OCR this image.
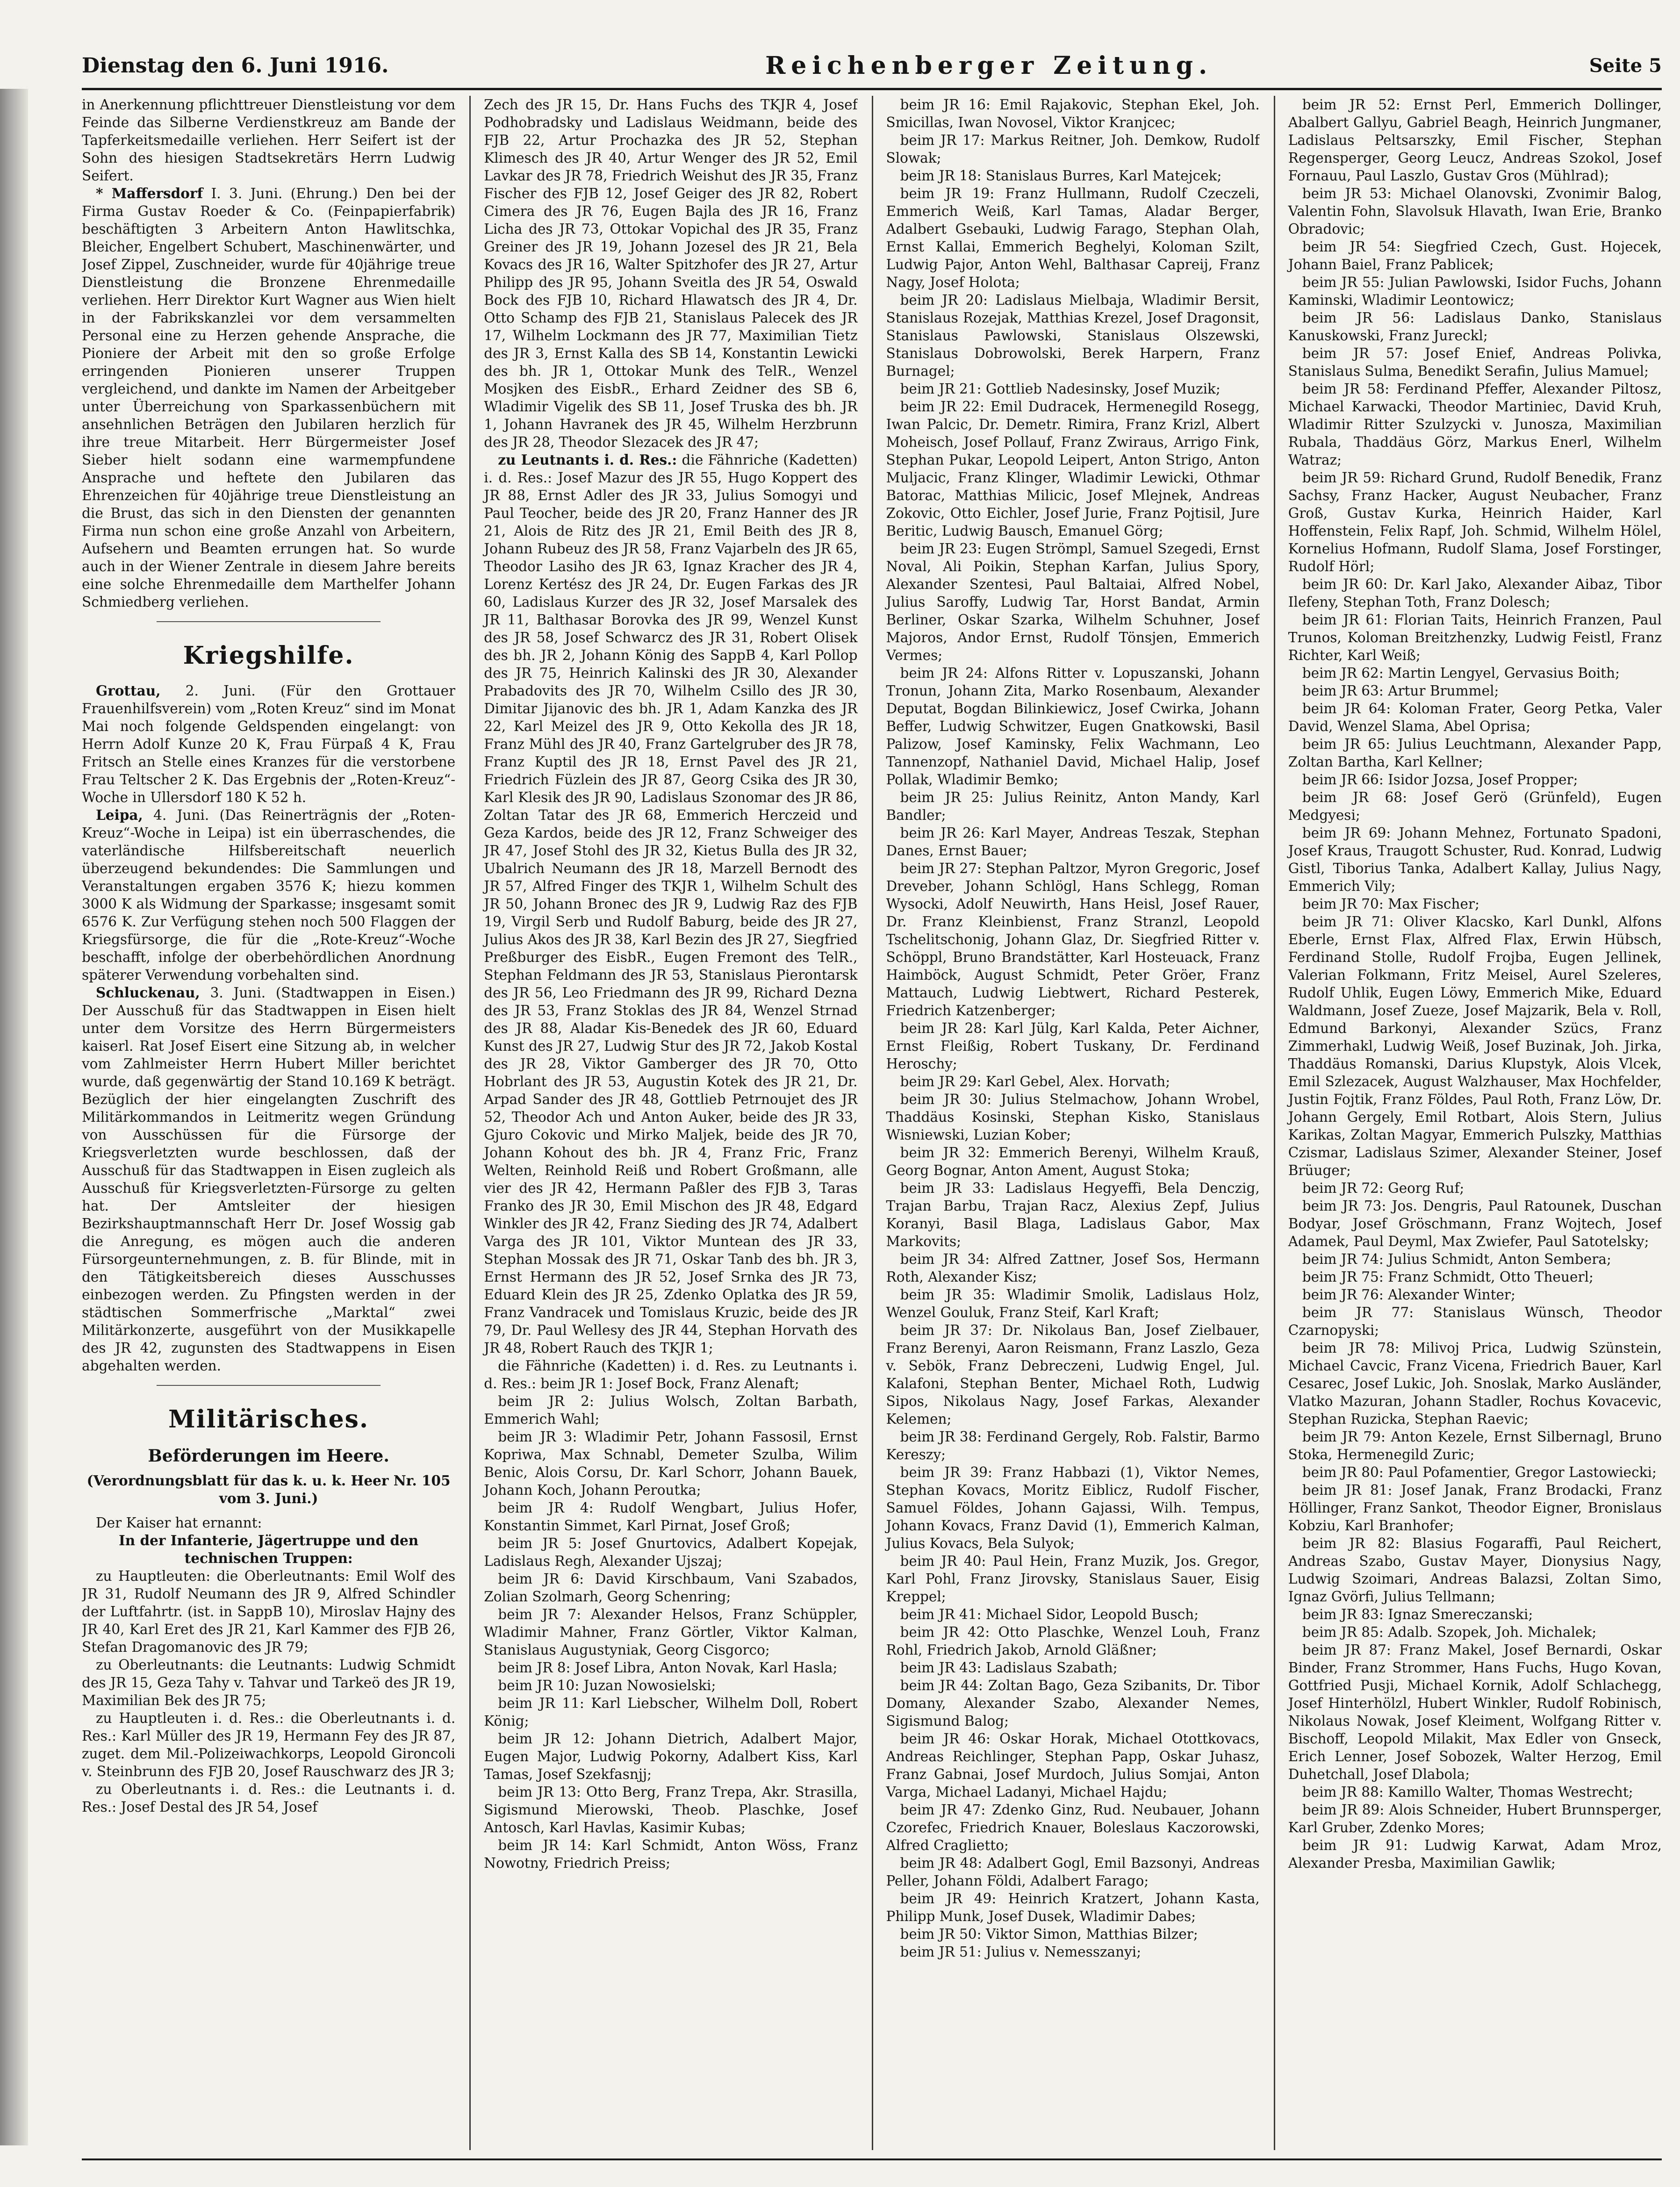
Dienstag den 6. Juni 1916.	Reichenberger Zeitung.	Seite 5

in Anerkennung pflichttreuer Dienstleistung vor dem Feinde das Silberne Verdienstkreuz am Bande der Tapferkeitsmedaille verliehen. Herr Seifert ist der Sohn des hiesigen Stadtsekretärs Herrn Ludwig Seifert.

* Maffersdorf I. 3. Juni. (Ehrung.) Den bei der Firma Gustav Roeder & Co. (Feinpapierfabrik) beschäftigten 3 Arbeitern Anton Hawlitschka, Bleicher, Engelbert Schubert, Maschinenwärter, und Josef Zippel, Zuschneider, wurde für 40jährige treue Dienstleistung die Bronzene Ehrenmedaille verliehen. Herr Direktor Kurt Wagner aus Wien hielt in der Fabrikskanzlei vor dem versammelten Personal eine zu Herzen gehende Ansprache, die Pioniere der Arbeit mit den so große Erfolge erringenden Pionieren unserer Truppen vergleichend, und dankte im Namen der Arbeitgeber unter Überreichung von Sparkassenbüchern mit ansehnlichen Beträgen den Jubilaren herzlich für ihre treue Mitarbeit. Herr Bürgermeister Josef Sieber hielt sodann eine warmempfundene Ansprache und heftete den Jubilaren das Ehrenzeichen für 40jährige treue Dienstleistung an die Brust, das sich in den Diensten der genannten Firma nun schon eine große Anzahl von Arbeitern, Aufsehern und Beamten errungen hat. So wurde auch in der Wiener Zentrale in diesem Jahre bereits eine solche Ehrenmedaille dem Marthelfer Johann Schmiedberg verliehen.

Kriegshilfe.

Grottau, 2. Juni. (Für den Grottauer Frauenhilfsverein) vom „Roten Kreuz“ sind im Monat Mai noch folgende Geldspenden eingelangt: von Herrn Adolf Kunze 20 K, Frau Fürpaß 4 K, Frau Fritsch an Stelle eines Kranzes für die verstorbene Frau Teltscher 2 K. Das Ergebnis der „Roten-Kreuz“-Woche in Ullersdorf 180 K 52 h.

Leipa, 4. Juni. (Das Reinerträgnis der „Roten-Kreuz“-Woche in Leipa) ist ein überraschendes, die vaterländische Hilfsbereitschaft neuerlich überzeugend bekundendes: Die Sammlungen und Veranstaltungen ergaben 3576 K; hiezu kommen 3000 K als Widmung der Sparkasse; insgesamt somit 6576 K. Zur Verfügung stehen noch 500 Flaggen der Kriegsfürsorge, die für die „Rote-Kreuz“-Woche beschafft, infolge der oberbehördlichen Anordnung späterer Verwendung vorbehalten sind.

Schluckenau, 3. Juni. (Stadtwappen in Eisen.) Der Ausschuß für das Stadtwappen in Eisen hielt unter dem Vorsitze des Herrn Bürgermeisters kaiserl. Rat Josef Eisert eine Sitzung ab, in welcher vom Zahlmeister Herrn Hubert Miller berichtet wurde, daß gegenwärtig der Stand 10.169 K beträgt. Bezüglich der hier eingelangten Zuschrift des Militärkommandos in Leitmeritz wegen Gründung von Ausschüssen für die Fürsorge der Kriegsverletzten wurde beschlossen, daß der Ausschuß für das Stadtwappen in Eisen zugleich als Ausschuß für Kriegsverletzten-Fürsorge zu gelten hat. Der Amtsleiter der hiesigen Bezirkshauptmannschaft Herr Dr. Josef Wossig gab die Anregung, es mögen auch die anderen Fürsorgeunternehmungen, z. B. für Blinde, mit in den Tätigkeitsbereich dieses Ausschusses einbezogen werden. Zu Pfingsten werden in der städtischen Sommerfrische „Marktal“ zwei Militärkonzerte, ausgeführt von der Musikkapelle des JR 42, zugunsten des Stadtwappens in Eisen abgehalten werden.

Militärisches.
Beförderungen im Heere.

(Verordnungsblatt für das k. u. k. Heer Nr. 105 vom 3. Juni.)

Der Kaiser hat ernannt:

In der Infanterie, Jägertruppe und den technischen Truppen:

zu Hauptleuten: die Oberleutnants: Emil Wolf des JR 31, Rudolf Neumann des JR 9, Alfred Schindler der Luftfahrtr. (ist. in SappB 10), Miroslav Hajny des JR 40, Karl Eret des JR 21, Karl Kammer des FJB 26, Stefan Dragomanovic des JR 79;

zu Oberleutnants: die Leutnants: Ludwig Schmidt des JR 15, Geza Tahy v. Tahvar und Tarkeö des JR 19, Maximilian Bek des JR 75;

zu Hauptleuten i. d. Res.: die Oberleutnants i. d. Res.: Karl Müller des JR 19, Hermann Fey des JR 87, zuget. dem Mil.-Polizeiwachkorps, Leopold Gironcoli v. Steinbrunn des FJB 20, Josef Rauschwarz des JR 3;

zu Oberleutnants i. d. Res.: die Leutnants i. d. Res.: Josef Destal des JR 54, Josef

Zech des JR 15, Dr. Hans Fuchs des TKJR 4, Josef Podhobradsky und Ladislaus Weidmann, beide des FJB 22, Artur Prochazka des JR 52, Stephan Klimesch des JR 40, Artur Wenger des JR 52, Emil Lavkar des JR 78, Friedrich Weishut des JR 35, Franz Fischer des FJB 12, Josef Geiger des JR 82, Robert Cimera des JR 76, Eugen Bajla des JR 16, Franz Licha des JR 73, Ottokar Vopichal des JR 35, Franz Greiner des JR 19, Johann Jozesel des JR 21, Bela Kovacs des JR 16, Walter Spitzhofer des JR 27, Artur Philipp des JR 95, Johann Sveitla des JR 54, Oswald Bock des FJB 10, Richard Hlawatsch des JR 4, Dr. Otto Schamp des FJB 21, Stanislaus Palecek des JR 17, Wilhelm Lockmann des JR 77, Maximilian Tietz des JR 3, Ernst Kalla des SB 14, Konstantin Lewicki des bh. JR 1, Ottokar Munk des TelR., Wenzel Mosjken des EisbR., Erhard Zeidner des SB 6, Wladimir Vigelik des SB 11, Josef Truska des bh. JR 1, Johann Havranek des JR 45, Wilhelm Herzbrunn des JR 28, Theodor Slezacek des JR 47;

zu Leutnants i. d. Res.: die Fähnriche (Kadetten) i. d. Res.: Josef Mazur des JR 55, Hugo Koppert des JR 88, Ernst Adler des JR 33, Julius Somogyi und Paul Teocher, beide des JR 20, Franz Hanner des JR 21, Alois de Ritz des JR 21, Emil Beith des JR 8, Johann Rubeuz des JR 58, Franz Vajarbeln des JR 65, Theodor Lasiho des JR 63, Ignaz Kracher des JR 4, Lorenz Kertész des JR 24, Dr. Eugen Farkas des JR 60, Ladislaus Kurzer des JR 32, Josef Marsalek des JR 11, Balthasar Borovka des JR 99, Wenzel Kunst des JR 58, Josef Schwarcz des JR 31, Robert Olisek des bh. JR 2, Johann König des SappB 4, Karl Pollop des JR 75, Heinrich Kalinski des JR 30, Alexander Prabadovits des JR 70, Wilhelm Csillo des JR 30, Dimitar Jijanovic des bh. JR 1, Adam Kanzka des JR 22, Karl Meizel des JR 9, Otto Kekolla des JR 18, Franz Mühl des JR 40, Franz Gartelgruber des JR 78, Franz Kuptil des JR 18, Ernst Pavel des JR 21, Friedrich Füzlein des JR 87, Georg Csika des JR 30, Karl Klesik des JR 90, Ladislaus Szonomar des JR 86, Zoltan Tatar des JR 68, Emmerich Herczeid und Geza Kardos, beide des JR 12, Franz Schweiger des JR 47, Josef Stohl des JR 32, Kietus Bulla des JR 32, Ubalrich Neumann des JR 18, Marzell Bernodt des JR 57, Alfred Finger des TKJR 1, Wilhelm Schult des JR 50, Johann Bronec des JR 9, Ludwig Raz des FJB 19, Virgil Serb und Rudolf Baburg, beide des JR 27, Julius Akos des JR 38, Karl Bezin des JR 27, Siegfried Preßburger des EisbR., Eugen Fremont des TelR., Stephan Feldmann des JR 53, Stanislaus Pierontarsk des JR 56, Leo Friedmann des JR 99, Richard Dezna des JR 53, Franz Stoklas des JR 84, Wenzel Strnad des JR 88, Aladar Kis-Benedek des JR 60, Eduard Kunst des JR 27, Ludwig Stur des JR 72, Jakob Kostal des JR 28, Viktor Gamberger des JR 70, Otto Hobrlant des JR 53, Augustin Kotek des JR 21, Dr. Arpad Sander des JR 48, Gottlieb Petrnoujet des JR 52, Theodor Ach und Anton Auker, beide des JR 33, Gjuro Cokovic und Mirko Maljek, beide des JR 70, Johann Kohout des bh. JR 4, Franz Fric, Franz Welten, Reinhold Reiß und Robert Großmann, alle vier des JR 42, Hermann Paßler des FJB 3, Taras Franko des JR 30, Emil Mischon des JR 48, Edgard Winkler des JR 42, Franz Sieding des JR 74, Adalbert Varga des JR 101, Viktor Muntean des JR 33, Stephan Mossak des JR 71, Oskar Tanb des bh. JR 3, Ernst Hermann des JR 52, Josef Srnka des JR 73, Eduard Klein des JR 25, Zdenko Oplatka des JR 59, Franz Vandracek und Tomislaus Kruzic, beide des JR 79, Dr. Paul Wellesy des JR 44, Stephan Horvath des JR 48, Robert Rauch des TKJR 1;

die Fähnriche (Kadetten) i. d. Res. zu Leutnants i. d. Res.: beim JR 1: Josef Bock, Franz Alenaft;

beim JR 2: Julius Wolsch, Zoltan Barbath, Emmerich Wahl;

beim JR 3: Wladimir Petr, Johann Fassosil, Ernst Kopriwa, Max Schnabl, Demeter Szulba, Wilim Benic, Alois Corsu, Dr. Karl Schorr, Johann Bauek, Johann Koch, Johann Peroutka;

beim JR 4: Rudolf Wengbart, Julius Hofer, Konstantin Simmet, Karl Pirnat, Josef Groß;

beim JR 5: Josef Gnurtovics, Adalbert Kopejak, Ladislaus Regh, Alexander Ujszaj;

beim JR 6: David Kirschbaum, Vani Szabados, Zolian Szolmarh, Georg Schenring;

beim JR 7: Alexander Helsos, Franz Schüppler, Wladimir Mahner, Franz Görtler, Viktor Kalman, Stanislaus Augustyniak, Georg Cisgorco;

beim JR 8: Josef Libra, Anton Novak, Karl Hasla;

beim JR 10: Juzan Nowosielski;

beim JR 11: Karl Liebscher, Wilhelm Doll, Robert König;

beim JR 12: Johann Dietrich, Adalbert Major, Eugen Major, Ludwig Pokorny, Adalbert Kiss, Karl Tamas, Josef Szekfasnjj;

beim JR 13: Otto Berg, Franz Trepa, Akr. Strasilla, Sigismund Mierowski, Theob. Plaschke, Josef Antosch, Karl Havlas, Kasimir Kubas;

beim JR 14: Karl Schmidt, Anton Wöss, Franz Nowotny, Friedrich Preiss;

beim JR 16: Emil Rajakovic, Stephan Ekel, Joh. Smicillas, Iwan Novosel, Viktor Kranjcec;

beim JR 17: Markus Reitner, Joh. Demkow, Rudolf Slowak;

beim JR 18: Stanislaus Burres, Karl Matejcek;

beim JR 19: Franz Hullmann, Rudolf Czeczeli, Emmerich Weiß, Karl Tamas, Aladar Berger, Adalbert Gsebauki, Ludwig Farago, Stephan Olah, Ernst Kallai, Emmerich Beghelyi, Koloman Szilt, Ludwig Pajor, Anton Wehl, Balthasar Capreij, Franz Nagy, Josef Holota;

beim JR 20: Ladislaus Mielbaja, Wladimir Bersit, Stanislaus Rozejak, Matthias Krezel, Josef Dragonsit, Stanislaus Pawlowski, Stanislaus Olszewski, Stanislaus Dobrowolski, Berek Harpern, Franz Burnagel;

beim JR 21: Gottlieb Nadesinsky, Josef Muzik;

beim JR 22: Emil Dudracek, Hermenegild Rosegg, Iwan Palcic, Dr. Demetr. Rimira, Franz Krizl, Albert Moheisch, Josef Pollauf, Franz Zwiraus, Arrigo Fink, Stephan Pukar, Leopold Leipert, Anton Strigo, Anton Muljacic, Franz Klinger, Wladimir Lewicki, Othmar Batorac, Matthias Milicic, Josef Mlejnek, Andreas Zokovic, Otto Eichler, Josef Jurie, Franz Pojtisil, Jure Beritic, Ludwig Bausch, Emanuel Görg;

beim JR 23: Eugen Strömpl, Samuel Szegedi, Ernst Noval, Ali Poikin, Stephan Karfan, Julius Spory, Alexander Szentesi, Paul Baltaiai, Alfred Nobel, Julius Saroffy, Ludwig Tar, Horst Bandat, Armin Berliner, Oskar Szarka, Wilhelm Schuhner, Josef Majoros, Andor Ernst, Rudolf Tönsjen, Emmerich Vermes;

beim JR 24: Alfons Ritter v. Lopuszanski, Johann Tronun, Johann Zita, Marko Rosenbaum, Alexander Deputat, Bogdan Bilinkiewicz, Josef Cwirka, Johann Beffer, Ludwig Schwitzer, Eugen Gnatkowski, Basil Palizow, Josef Kaminsky, Felix Wachmann, Leo Tannenzopf, Nathaniel David, Michael Halip, Josef Pollak, Wladimir Bemko;

beim JR 25: Julius Reinitz, Anton Mandy, Karl Bandler;

beim JR 26: Karl Mayer, Andreas Teszak, Stephan Danes, Ernst Bauer;

beim JR 27: Stephan Paltzor, Myron Gregoric, Josef Dreveber, Johann Schlögl, Hans Schlegg, Roman Wysocki, Adolf Neuwirth, Hans Heisl, Josef Rauer, Dr. Franz Kleinbienst, Franz Stranzl, Leopold Tschelitschonig, Johann Glaz, Dr. Siegfried Ritter v. Schöppl, Bruno Brandstätter, Karl Hosteuack, Franz Haimböck, August Schmidt, Peter Gröer, Franz Mattauch, Ludwig Liebtwert, Richard Pesterek, Friedrich Katzenberger;

beim JR 28: Karl Jülg, Karl Kalda, Peter Aichner, Ernst Fleißig, Robert Tuskany, Dr. Ferdinand Heroschy;

beim JR 29: Karl Gebel, Alex. Horvath;

beim JR 30: Julius Stelmachow, Johann Wrobel, Thaddäus Kosinski, Stephan Kisko, Stanislaus Wisniewski, Luzian Kober;

beim JR 32: Emmerich Berenyi, Wilhelm Krauß, Georg Bognar, Anton Ament, August Stoka;

beim JR 33: Ladislaus Hegyeffi, Bela Denczig, Trajan Barbu, Trajan Racz, Alexius Zepf, Julius Koranyi, Basil Blaga, Ladislaus Gabor, Max Markovits;

beim JR 34: Alfred Zattner, Josef Sos, Hermann Roth, Alexander Kisz;

beim JR 35: Wladimir Smolik, Ladislaus Holz, Wenzel Gouluk, Franz Steif, Karl Kraft;

beim JR 37: Dr. Nikolaus Ban, Josef Zielbauer, Franz Berenyi, Aaron Reismann, Franz Laszlo, Geza v. Sebök, Franz Debreczeni, Ludwig Engel, Jul. Kalafoni, Stephan Benter, Michael Roth, Ludwig Sipos, Nikolaus Nagy, Josef Farkas, Alexander Kelemen;

beim JR 38: Ferdinand Gergely, Rob. Falstir, Barmo Kereszy;

beim JR 39: Franz Habbazi (1), Viktor Nemes, Stephan Kovacs, Moritz Eiblicz, Rudolf Fischer, Samuel Földes, Johann Gajassi, Wilh. Tempus, Johann Kovacs, Franz David (1), Emmerich Kalman, Julius Kovacs, Bela Sulyok;

beim JR 40: Paul Hein, Franz Muzik, Jos. Gregor, Karl Pohl, Franz Jirovsky, Stanislaus Sauer, Eisig Kreppel;

beim JR 41: Michael Sidor, Leopold Busch;

beim JR 42: Otto Plaschke, Wenzel Louh, Franz Rohl, Friedrich Jakob, Arnold Gläßner;

beim JR 43: Ladislaus Szabath;

beim JR 44: Zoltan Bago, Geza Szibanits, Dr. Tibor Domany, Alexander Szabo, Alexander Nemes, Sigismund Balog;

beim JR 46: Oskar Horak, Michael Otottkovacs, Andreas Reichlinger, Stephan Papp, Oskar Juhasz, Franz Gabnai, Josef Murdoch, Julius Somjai, Anton Varga, Michael Ladanyi, Michael Hajdu;

beim JR 47: Zdenko Ginz, Rud. Neubauer, Johann Czorefec, Friedrich Knauer, Boleslaus Kaczorowski, Alfred Craglietto;

beim JR 48: Adalbert Gogl, Emil Bazsonyi, Andreas Peller, Johann Földi, Adalbert Farago;

beim JR 49: Heinrich Kratzert, Johann Kasta, Philipp Munk, Josef Dusek, Wladimir Dabes;

beim JR 50: Viktor Simon, Matthias Bilzer;

beim JR 51: Julius v. Nemesszanyi;

beim JR 52: Ernst Perl, Emmerich Dollinger, Abalbert Gallyu, Gabriel Beagh, Heinrich Jungmaner, Ladislaus Peltsarszky, Emil Fischer, Stephan Regensperger, Georg Leucz, Andreas Szokol, Josef Fornauu, Paul Laszlo, Gustav Gros (Mühlrad);

beim JR 53: Michael Olanovski, Zvonimir Balog, Valentin Fohn, Slavolsuk Hlavath, Iwan Erie, Branko Obradovic;

beim JR 54: Siegfried Czech, Gust. Hojecek, Johann Baiel, Franz Pablicek;

beim JR 55: Julian Pawlowski, Isidor Fuchs, Johann Kaminski, Wladimir Leontowicz;

beim JR 56: Ladislaus Danko, Stanislaus Kanuskowski, Franz Jureckl;

beim JR 57: Josef Enief, Andreas Polivka, Stanislaus Sulma, Benedikt Serafin, Julius Mamuel;

beim JR 58: Ferdinand Pfeffer, Alexander Piltosz, Michael Karwacki, Theodor Martiniec, David Kruh, Wladimir Ritter Szulzycki v. Junosza, Maximilian Rubala, Thaddäus Görz, Markus Enerl, Wilhelm Watraz;

beim JR 59: Richard Grund, Rudolf Benedik, Franz Sachsy, Franz Hacker, August Neubacher, Franz Groß, Gustav Kurka, Heinrich Haider, Karl Hoffenstein, Felix Rapf, Joh. Schmid, Wilhelm Hölel, Kornelius Hofmann, Rudolf Slama, Josef Forstinger, Rudolf Hörl;

beim JR 60: Dr. Karl Jako, Alexander Aibaz, Tibor Ilefeny, Stephan Toth, Franz Dolesch;

beim JR 61: Florian Taits, Heinrich Franzen, Paul Trunos, Koloman Breitzhenzky, Ludwig Feistl, Franz Richter, Karl Weiß;

beim JR 62: Martin Lengyel, Gervasius Boith;

beim JR 63: Artur Brummel;

beim JR 64: Koloman Frater, Georg Petka, Valer David, Wenzel Slama, Abel Oprisa;

beim JR 65: Julius Leuchtmann, Alexander Papp, Zoltan Bartha, Karl Kellner;

beim JR 66: Isidor Jozsa, Josef Propper;

beim JR 68: Josef Gerö (Grünfeld), Eugen Medgyesi;

beim JR 69: Johann Mehnez, Fortunato Spadoni, Josef Kraus, Traugott Schuster, Rud. Konrad, Ludwig Gistl, Tiborius Tanka, Adalbert Kallay, Julius Nagy, Emmerich Vily;

beim JR 70: Max Fischer;

beim JR 71: Oliver Klacsko, Karl Dunkl, Alfons Eberle, Ernst Flax, Alfred Flax, Erwin Hübsch, Ferdinand Stolle, Rudolf Frojba, Eugen Jellinek, Valerian Folkmann, Fritz Meisel, Aurel Szeleres, Rudolf Uhlik, Eugen Löwy, Emmerich Mike, Eduard Waldmann, Josef Zueze, Josef Majzarik, Bela v. Roll, Edmund Barkonyi, Alexander Szücs, Franz Zimmerhakl, Ludwig Weiß, Josef Buzinak, Joh. Jirka, Thaddäus Romanski, Darius Klupstyk, Alois Vlcek, Emil Szlezacek, August Walzhauser, Max Hochfelder, Justin Fojtik, Franz Földes, Paul Roth, Franz Löw, Dr. Johann Gergely, Emil Rotbart, Alois Stern, Julius Karikas, Zoltan Magyar, Emmerich Pulszky, Matthias Czismar, Ladislaus Szimer, Alexander Steiner, Josef Brüuger;

beim JR 72: Georg Ruf;

beim JR 73: Jos. Dengris, Paul Ratounek, Duschan Bodyar, Josef Gröschmann, Franz Wojtech, Josef Adamek, Paul Deyml, Max Zwiefer, Paul Satotelsky;

beim JR 74: Julius Schmidt, Anton Sembera;

beim JR 75: Franz Schmidt, Otto Theuerl;

beim JR 76: Alexander Winter;

beim JR 77: Stanislaus Wünsch, Theodor Czarnopyski;

beim JR 78: Milivoj Prica, Ludwig Szünstein, Michael Cavcic, Franz Vicena, Friedrich Bauer, Karl Cesarec, Josef Lukic, Joh. Snoslak, Marko Ausländer, Vlatko Mazuran, Johann Stadler, Rochus Kovacevic, Stephan Ruzicka, Stephan Raevic;

beim JR 79: Anton Kezele, Ernst Silbernagl, Bruno Stoka, Hermenegild Zuric;

beim JR 80: Paul Pofamentier, Gregor Lastowiecki;

beim JR 81: Josef Janak, Franz Brodacki, Franz Höllinger, Franz Sankot, Theodor Eigner, Bronislaus Kobziu, Karl Branhofer;

beim JR 82: Blasius Fogaraffi, Paul Reichert, Andreas Szabo, Gustav Mayer, Dionysius Nagy, Ludwig Szoimari, Andreas Balazsi, Zoltan Simo, Ignaz Gvörfi, Julius Tellmann;

beim JR 83: Ignaz Smereczanski;

beim JR 85: Adalb. Szopek, Joh. Michalek;

beim JR 87: Franz Makel, Josef Bernardi, Oskar Binder, Franz Strommer, Hans Fuchs, Hugo Kovan, Gottfried Pusji, Michael Kornik, Adolf Schlachegg, Josef Hinterhölzl, Hubert Winkler, Rudolf Robinisch, Nikolaus Nowak, Josef Kleiment, Wolfgang Ritter v. Bischoff, Leopold Milakit, Max Edler von Gnseck, Erich Lenner, Josef Sobozek, Walter Herzog, Emil Duhetchall, Josef Dlabola;

beim JR 88: Kamillo Walter, Thomas Westrecht;

beim JR 89: Alois Schneider, Hubert Brunnsperger, Karl Gruber, Zdenko Mores;

beim JR 91: Ludwig Karwat, Adam Mroz, Alexander Presba, Maximilian Gawlik;
